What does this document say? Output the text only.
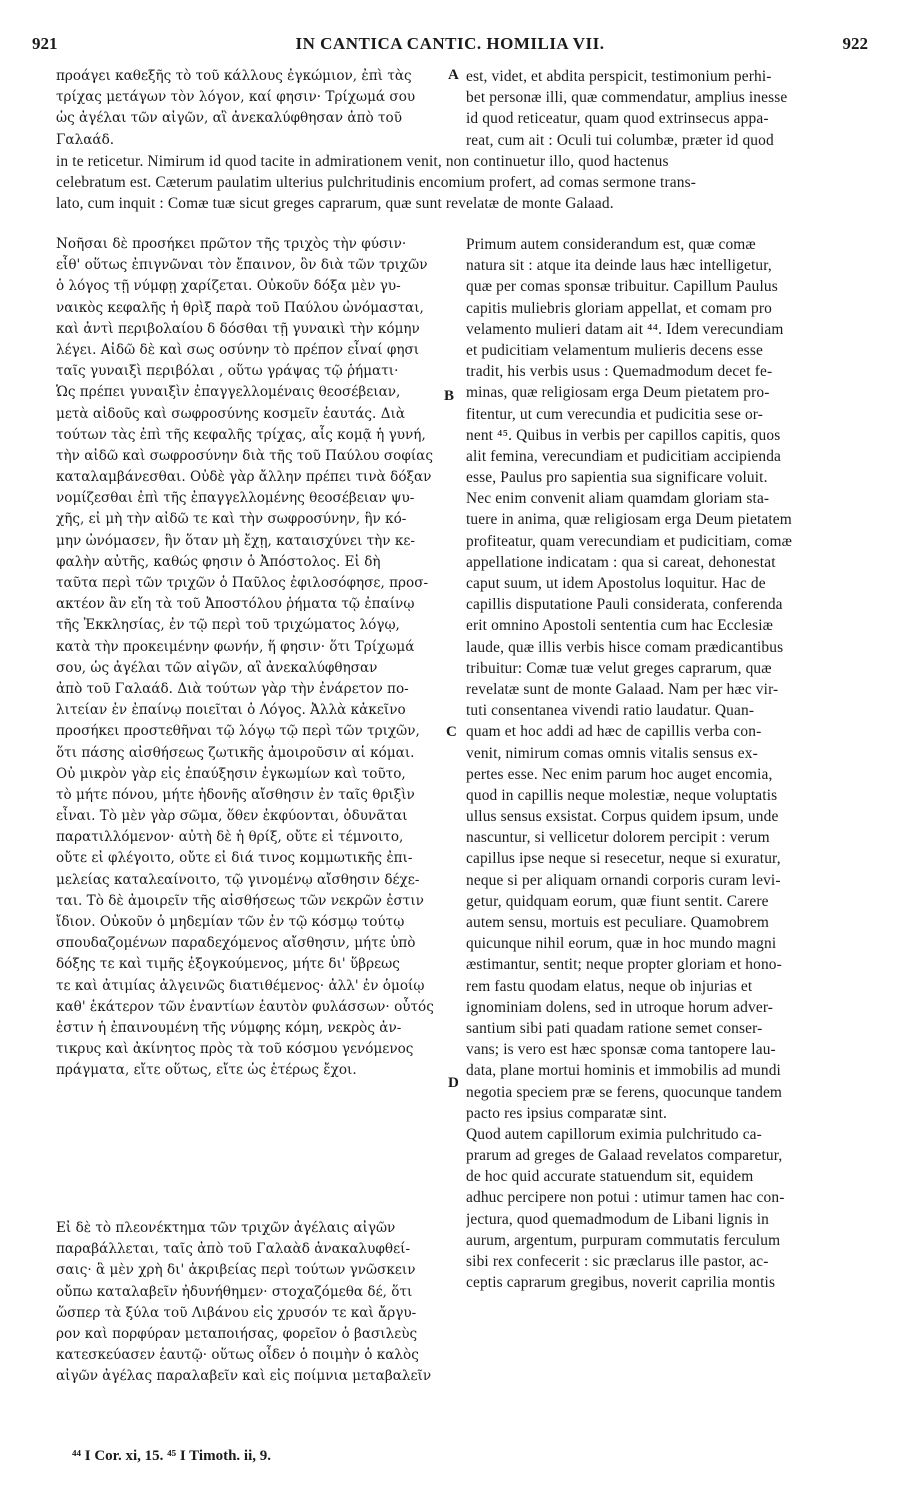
921	IN CANTICA CANTIC. HOMILIA VII.	922
προάγει καθεξῆς τὸ τοῦ κάλλους ἐγκώμιον, ἐπὶ τὰς
τρίχας μετάγων τὸν λόγον, καί φησιν· Τρίχωμά σου
ὡς ἀγέλαι τῶν αἰγῶν, αἳ ἀνεκαλύφθησαν ἀπὸ τοῦ
Γαλαάδ.
est, videt, et abdita perspicit, testimonium perhi-
bet personæ illi, quæ commendatur, amplius inesse
id quod reticeatur, quam quod extrinsecus appa-
reat, cum ait : Oculi tui columbæ, præter id quod
in te reticetur. Nimirum id quod tacite in admirationem venit, non continuetur illo, quod hactenus
celebratum est. Cæterum paulatim ulterius pulchritudinis encomium profert, ad comas sermone trans-
lato, cum inquit : Comæ tuæ sicut greges caprarum, quæ sunt revelatæ de monte Galaad.
Νοῆσαι δὲ προσήκει πρῶτον τῆς τριχὸς τὴν φύσιν·
εἶθ' οὕτως ἐπιγνῶναι τὸν ἔπαινον, ὃν διὰ τῶν τριχῶν
ὁ λόγος τῇ νύμφῃ χαρίζεται. Οὐκοῦν δόξα μὲν γυ-
ναικὸς κεφαλῆς ἡ θρὶξ παρὰ τοῦ Παύλου ὠνόμασται,
καὶ ἀντὶ περιβολαίου δ δόσθαι τῇ γυναικὶ τὴν κόμην
λέγει. Αἰδῶ δὲ καὶ σως οσύνην τὸ πρέπον εἶναί φησι
ταῖς γυναιξὶ περιβόλαι , οὕτω γράψας τῷ ῥήματι·
Ὡς πρέπει γυναιξὶν ἐπαγγελλομέναις θεοσέβειαν,
μετὰ αἰδοῦς καὶ σωφροσύνης κοσμεῖν ἑαυτάς. Διὰ
τούτων τὰς ἐπὶ τῆς κεφαλῆς τρίχας, αἷς κομᾷ ἡ γυνή,
τὴν αἰδῶ καὶ σωφροσύνην διὰ τῆς τοῦ Παύλου σοφίας
καταλαμβάνεσθαι. Οὐδὲ γὰρ ἄλλην πρέπει τινὰ δόξαν
νομίζεσθαι ἐπὶ τῆς ἐπαγγελλομένης θεοσέβειαν ψυ-
χῆς, εἰ μὴ τὴν αἰδῶ τε καὶ τὴν σωφροσύνην, ἣν κό-
μην ὠνόμασεν, ἣν ὅταν μὴ ἔχῃ, καταισχύνει τὴν κε-
φαλὴν αὐτῆς, καθώς φησιν ὁ Ἀπόστολος. Εἰ δὴ
ταῦτα περὶ τῶν τριχῶν ὁ Παῦλος ἐφιλοσόφησε, προσ-
ακτέον ἂν εἴη τὰ τοῦ Ἀποστόλου ῥήματα τῷ ἐπαίνῳ
τῆς Ἐκκλησίας, ἐν τῷ περὶ τοῦ τριχώματος λόγῳ,
κατὰ τὴν προκειμένην φωνήν, ἥ φησιν· ὅτι Τρίχωμά
σου, ὡς ἀγέλαι τῶν αἰγῶν, αἳ ἀνεκαλύφθησαν
ἀπὸ τοῦ Γαλαάδ. Διὰ τούτων γὰρ τὴν ἐνάρετον πο-
λιτείαν ἐν ἐπαίνῳ ποιεῖται ὁ Λόγος. Ἀλλὰ κἀκεῖνο
προσήκει προστεθῆναι τῷ λόγῳ τῷ περὶ τῶν τριχῶν,
ὅτι πάσης αἰσθήσεως ζωτικῆς ἀμοιροῦσιν αἱ κόμαι.
Οὐ μικρὸν γὰρ εἰς ἐπαύξησιν ἐγκωμίων καὶ τοῦτο,
τὸ μήτε πόνου, μήτε ἡδονῆς αἴσθησιν ἐν ταῖς θριξὶν
εἶναι. Τὸ μὲν γὰρ σῶμα, ὅθεν ἐκφύονται, ὀδυνᾶται
παρατιλλόμενον· αὐτὴ δὲ ἡ θρίξ, οὔτε εἰ τέμνοιτο,
οὔτε εἰ φλέγοιτο, οὔτε εἰ διά τινος κομμωτικῆς ἐπι-
μελείας καταλεαίνοιτο, τῷ γινομένῳ αἴσθησιν δέχε-
ται. Τὸ δὲ ἀμοιρεῖν τῆς αἰσθήσεως τῶν νεκρῶν ἐστιν
ἴδιον. Οὐκοῦν ὁ μηδεμίαν τῶν ἐν τῷ κόσμῳ τούτῳ
σπουδαζομένων παραδεχόμενος αἴσθησιν, μήτε ὑπὸ
δόξης τε καὶ τιμῆς ἐξογκούμενος, μήτε δι' ὕβρεως
τε καὶ ἀτιμίας ἀλγεινῶς διατιθέμενος· ἀλλ' ἐν ὁμοίῳ
καθ' ἑκάτερον τῶν ἐναντίων ἑαυτὸν φυλάσσων· οὗτός
ἐστιν ἡ ἐπαινουμένη τῆς νύμφης κόμη, νεκρὸς ἀν-
τικρυς καὶ ἀκίνητος πρὸς τὰ τοῦ κόσμου γενόμενος
πράγματα, εἴτε οὕτως, εἴτε ὡς ἑτέρως ἔχοι.
Εἰ δὲ τὸ πλεονέκτημα τῶν τριχῶν ἀγέλαις αἰγῶν
παραβάλλεται, ταῖς ἀπὸ τοῦ Γαλαὰδ ἀνακαλυφθεί-
σαις· ἃ μὲν χρὴ δι' ἀκριβείας περὶ τούτων γνῶσκειν
οὔπω καταλαβεῖν ἠδυνήθημεν· στοχαζόμεθα δέ, ὅτι
ὥσπερ τὰ ξύλα τοῦ Λιβάνου εἰς χρυσόν τε καὶ ἄργυ-
ρον καὶ πορφύραν μεταποιήσας, φορεῖον ὁ βασιλεὺς
κατεσκεύασεν ἑαυτῷ· οὕτως οἶδεν ὁ ποιμὴν ὁ καλὸς
αἰγῶν ἀγέλας παραλαβεῖν καὶ εἰς ποίμνια μεταβαλεῖν
Primum autem considerandum est, quæ comæ
natura sit : atque ita deinde laus hæc intelligetur,
quæ per comas sponsæ tribuitur. Capillum Paulus
capitis muliebris gloriam appellat, et comam pro
velamento mulieri datam ait ⁴⁴. Idem verecundiam
et pudicitiam velamentum mulieris decens esse
tradit, his verbis usus : Quemadmodum decet fe-
minas, quæ religiosam erga Deum pietatem pro-
fitentur, ut cum verecundia et pudicitia sese or-
nent ⁴⁵. Quibus in verbis per capillos capitis, quos
alit femina, verecundiam et pudicitiam accipienda
esse, Paulus pro sapientia sua significare voluit.
Nec enim convenit aliam quamdam gloriam sta-
tuere in anima, quæ religiosam erga Deum pietatem
profiteatur, quam verecundiam et pudicitiam, comæ
appellatione indicatam : qua si careat, dehonestat
caput suum, ut idem Apostolus loquitur. Hac de
capillis disputatione Pauli considerata, conferenda
erit omnino Apostoli sententia cum hac Ecclesiæ
laude, quæ illis verbis hisce comam prædicantibus
tribuitur: Comæ tuæ velut greges caprarum, quæ
revelatæ sunt de monte Galaad. Nam per hæc vir-
tuti consentanea vivendi ratio laudatur. Quan-
quam et hoc addi ad hæc de capillis verba con-
venit, nimirum comas omnis vitalis sensus ex-
pertes esse. Nec enim parum hoc auget encomia,
quod in capillis neque molestiæ, neque voluptatis
ullus sensus exsistat. Corpus quidem ipsum, unde
nascuntur, si vellicetur dolorem percipit : verum
capillus ipse neque si resecetur, neque si exuratur,
neque si per aliquam ornandi corporis curam levi-
getur, quidquam eorum, quæ fiunt sentit. Carere
autem sensu, mortuis est peculiare. Quamobrem
quicunque nihil eorum, quæ in hoc mundo magni
æstimantur, sentit; neque propter gloriam et hono-
rem fastu quodam elatus, neque ob injurias et
ignominiam dolens, sed in utroque horum adver-
santium sibi pati quadam ratione semet conser-
vans; is vero est hæc sponsæ coma tantopere lau-
data, plane mortui hominis et immobilis ad mundi
negotia speciem præ se ferens, quocunque tandem
pacto res ipsius comparatæ sint.
Quod autem capillorum eximia pulchritudo ca-
prarum ad greges de Galaad revelatos comparetur,
de hoc quid accurate statuendum sit, equidem
adhuc percipere non potui : utimur tamen hac con-
jectura, quod quemadmodum de Libani lignis in
aurum, argentum, purpuram commutatis ferculum
sibi rex confecerit : sic præclarus ille pastor, ac-
ceptis caprarum gregibus, noverit caprilia montis
A
B
C
D
⁴⁴ I Cor. xi, 15. ⁴⁵ I Timoth. ii, 9.
